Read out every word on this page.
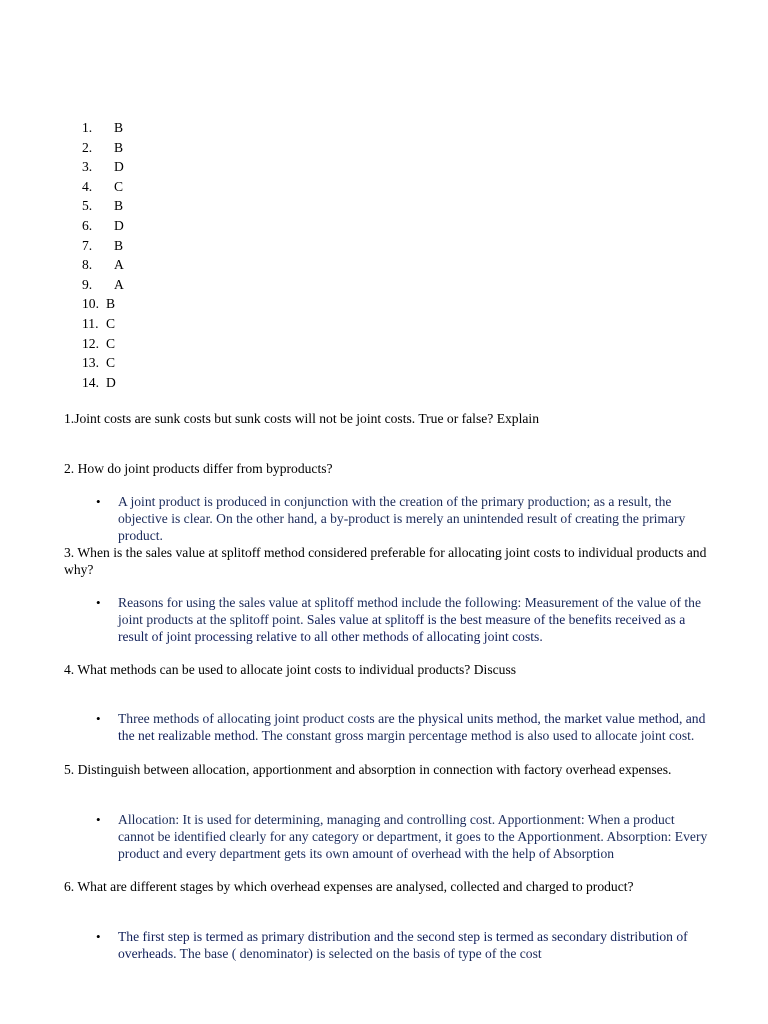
1. B
2. B
3. D
4. C
5. B
6. D
7. B
8. A
9. A
10. B
11. C
12. C
13. C
14. D
1.Joint costs are sunk costs but sunk costs will not be joint costs. True or false? Explain
2. How do joint products differ from byproducts?
• A joint product is produced in conjunction with the creation of the primary production; as a result, the objective is clear. On the other hand, a by-product is merely an unintended result of creating the primary product.
3. When is the sales value at splitoff method considered preferable for allocating joint costs to individual products and why?
• Reasons for using the sales value at splitoff method include the following: Measurement of the value of the joint products at the splitoff point. Sales value at splitoff is the best measure of the benefits received as a result of joint processing relative to all other methods of allocating joint costs.
4. What methods can be used to allocate joint costs to individual products? Discuss
• Three methods of allocating joint product costs are the physical units method, the market value method, and the net realizable method. The constant gross margin percentage method is also used to allocate joint cost.
5. Distinguish between allocation, apportionment and absorption in connection with factory overhead expenses.
• Allocation: It is used for determining, managing and controlling cost. Apportionment: When a product cannot be identified clearly for any category or department, it goes to the Apportionment. Absorption: Every product and every department gets its own amount of overhead with the help of Absorption
6. What are different stages by which overhead expenses are analysed, collected and charged to product?
• The first step is termed as primary distribution and the second step is termed as secondary distribution of overheads. The base ( denominator) is selected on the basis of type of the cost
